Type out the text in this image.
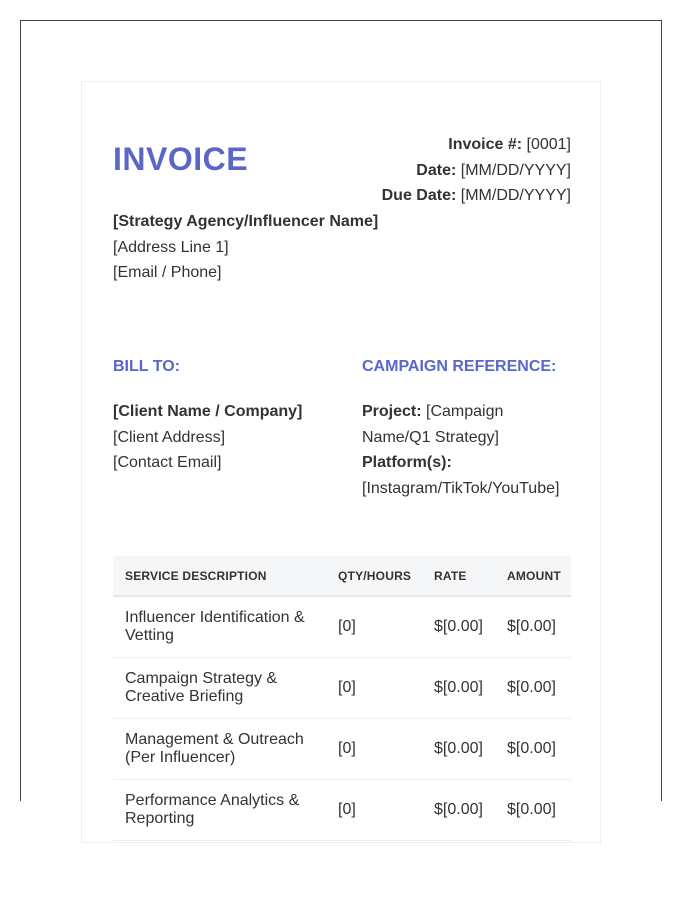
INVOICE	Invoice #: [0001]
Date: [MM/DD/YYYY]
Due Date: [MM/DD/YYYY]
[Strategy Agency/Influencer Name]
[Address Line 1]
[Email / Phone]
BILL TO:	CAMPAIGN REFERENCE:
[Client Name / Company]
[Client Address]
[Contact Email]
Project: [Campaign Name/Q1 Strategy]
Platform(s):
[Instagram/TikTok/YouTube]
SERVICE DESCRIPTION	QTY/HOURS	RATE	AMOUNT
Influencer Identification & Vetting	[0]	$[0.00]	$[0.00]
Campaign Strategy & Creative Briefing	[0]	$[0.00]	$[0.00]
Management & Outreach (Per Influencer)	[0]	$[0.00]	$[0.00]
Performance Analytics & Reporting	[0]	$[0.00]	$[0.00]
